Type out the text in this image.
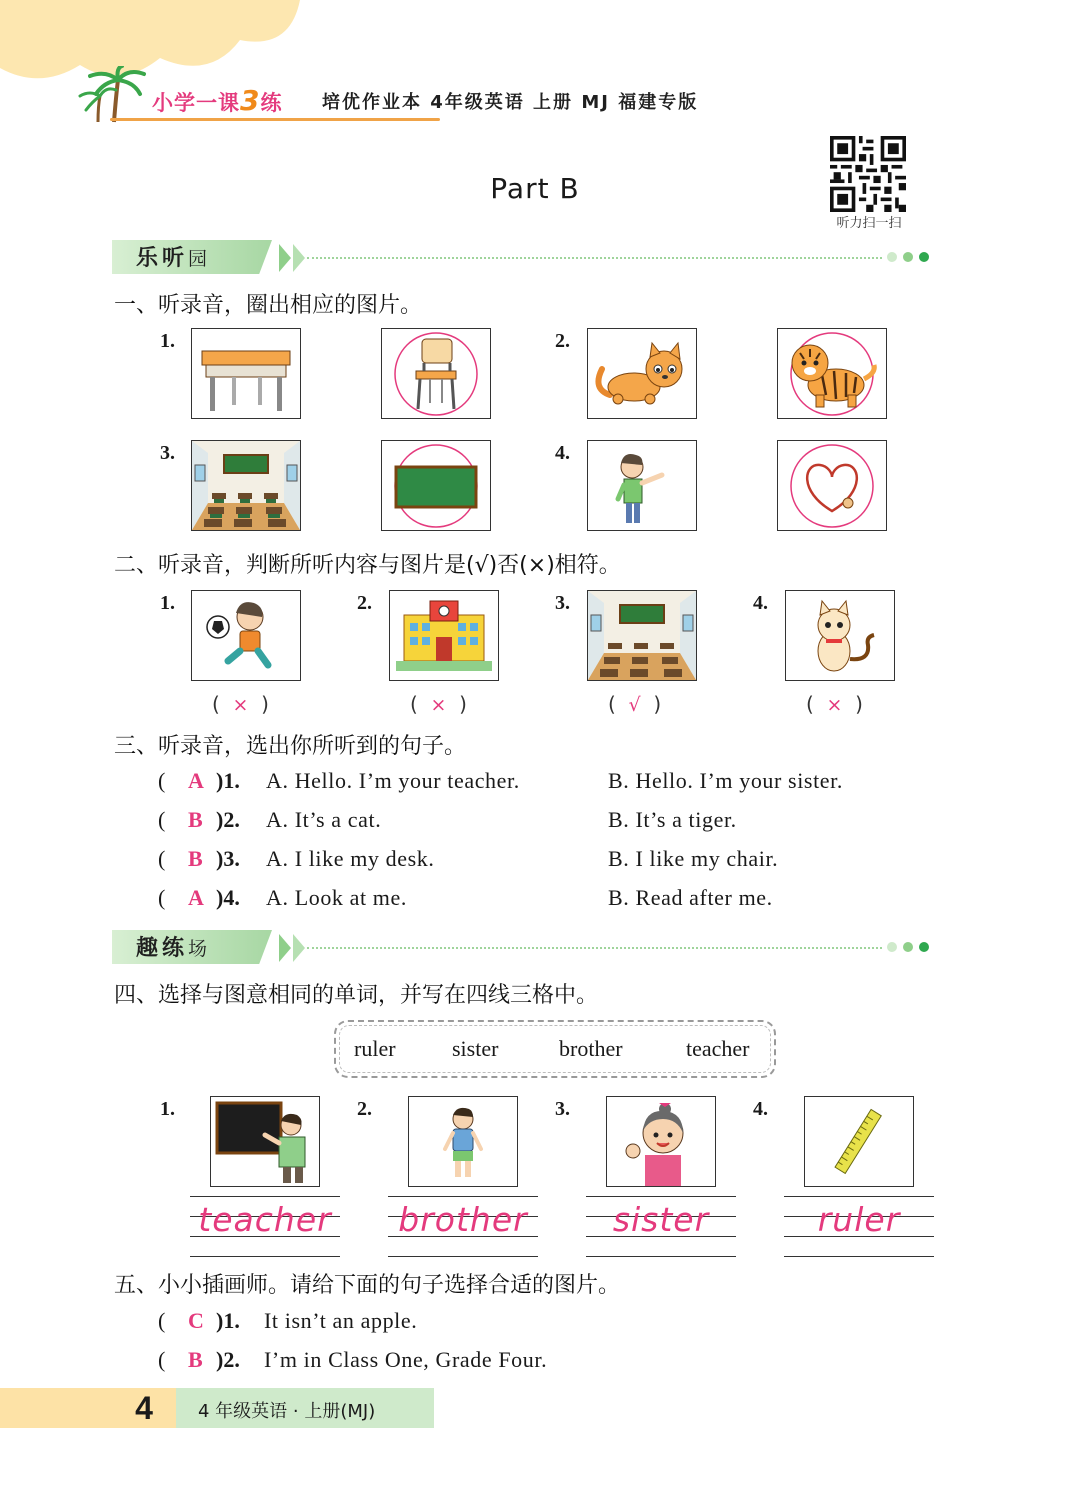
小学一课3练 培优作业本 4年级英语 上册 MJ 福建专版
Part B
听力扫一扫
乐听园
一、听录音，圈出相应的图片。
1.	2.
3.	4.
二、听录音，判断所听内容与图片是(√)否(×)相符。
1.
( × )
2.
( × )
3.
( √ )
4.
( × )
三、听录音，选出你所听到的句子。
( A )1. A. Hello. I’m your teacher.	B. Hello. I’m your sister.
( B )2. A. It’s a cat.	B. It’s a tiger.
( B )3. A. I like my desk.	B. I like my chair.
( A )4. A. Look at me.	B. Read after me.
趣练场
四、选择与图意相同的单词，并写在四线三格中。
ruler	sister	brother	teacher
1.
teacher
2.
brother
3.
sister
4.
ruler
五、小小插画师。请给下面的句子选择合适的图片。
( C )1. It isn’t an apple.
( B )2. I’m in Class One, Grade Four.
4	4 年级英语 · 上册(MJ)
